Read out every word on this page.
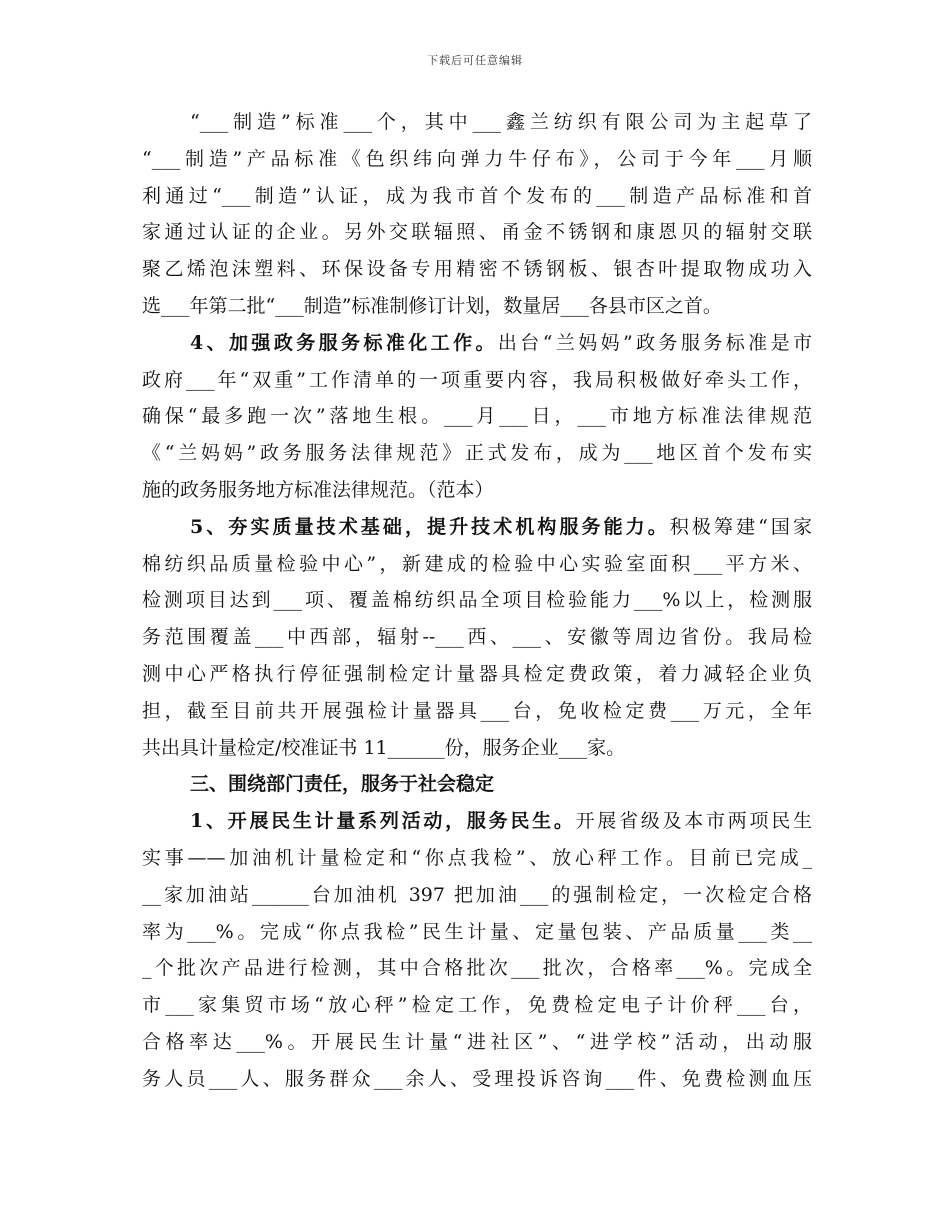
下载后可任意编辑
“___制造”标准___个，其中___鑫兰纺织有限公司为主起草了
“___制造”产品标准《色织纬向弹力牛仔布》，公司于今年___月顺
利通过“___制造”认证，成为我市首个发布的___制造产品标准和首
家通过认证的企业。另外交联辐照、甬金不锈钢和康恩贝的辐射交联
聚乙烯泡沫塑料、环保设备专用精密不锈钢板、银杏叶提取物成功入
选___年第二批“___制造”标准制修订计划，数量居___各县市区之首。
4、加强政务服务标准化工作。出台“兰妈妈”政务服务标准是市
政府___年“双重”工作清单的一项重要内容，我局积极做好牵头工作，
确保“最多跑一次”落地生根。___月___日，___市地方标准法律规范
《“兰妈妈”政务服务法律规范》正式发布，成为___地区首个发布实
施的政务服务地方标准法律规范。（范本）
5、夯实质量技术基础，提升技术机构服务能力。积极筹建“国家
棉纺织品质量检验中心”，新建成的检验中心实验室面积___平方米、
检测项目达到___项、覆盖棉纺织品全项目检验能力___%以上，检测服
务范围覆盖___中西部，辐射--___西、___、安徽等周边省份。我局检
测中心严格执行停征强制检定计量器具检定费政策，着力减轻企业负
担，截至目前共开展强检计量器具___台，免收检定费___万元，全年
共出具计量检定/校准证书 11______份，服务企业___家。
三、围绕部门责任，服务于社会稳定
1、开展民生计量系列活动，服务民生。开展省级及本市两项民生
实事——加油机计量检定和“你点我检”、放心秤工作。目前已完成_
__家加油站______台加油机 397 把加油___的强制检定，一次检定合格
率为___%。完成“你点我检”民生计量、定量包装、产品质量___类__
_个批次产品进行检测，其中合格批次___批次，合格率___%。完成全
市___家集贸市场“放心秤”检定工作，免费检定电子计价秤___台，
合格率达___%。开展民生计量“进社区”、“进学校”活动，出动服
务人员___人、服务群众___余人、受理投诉咨询___件、免费检测血压
